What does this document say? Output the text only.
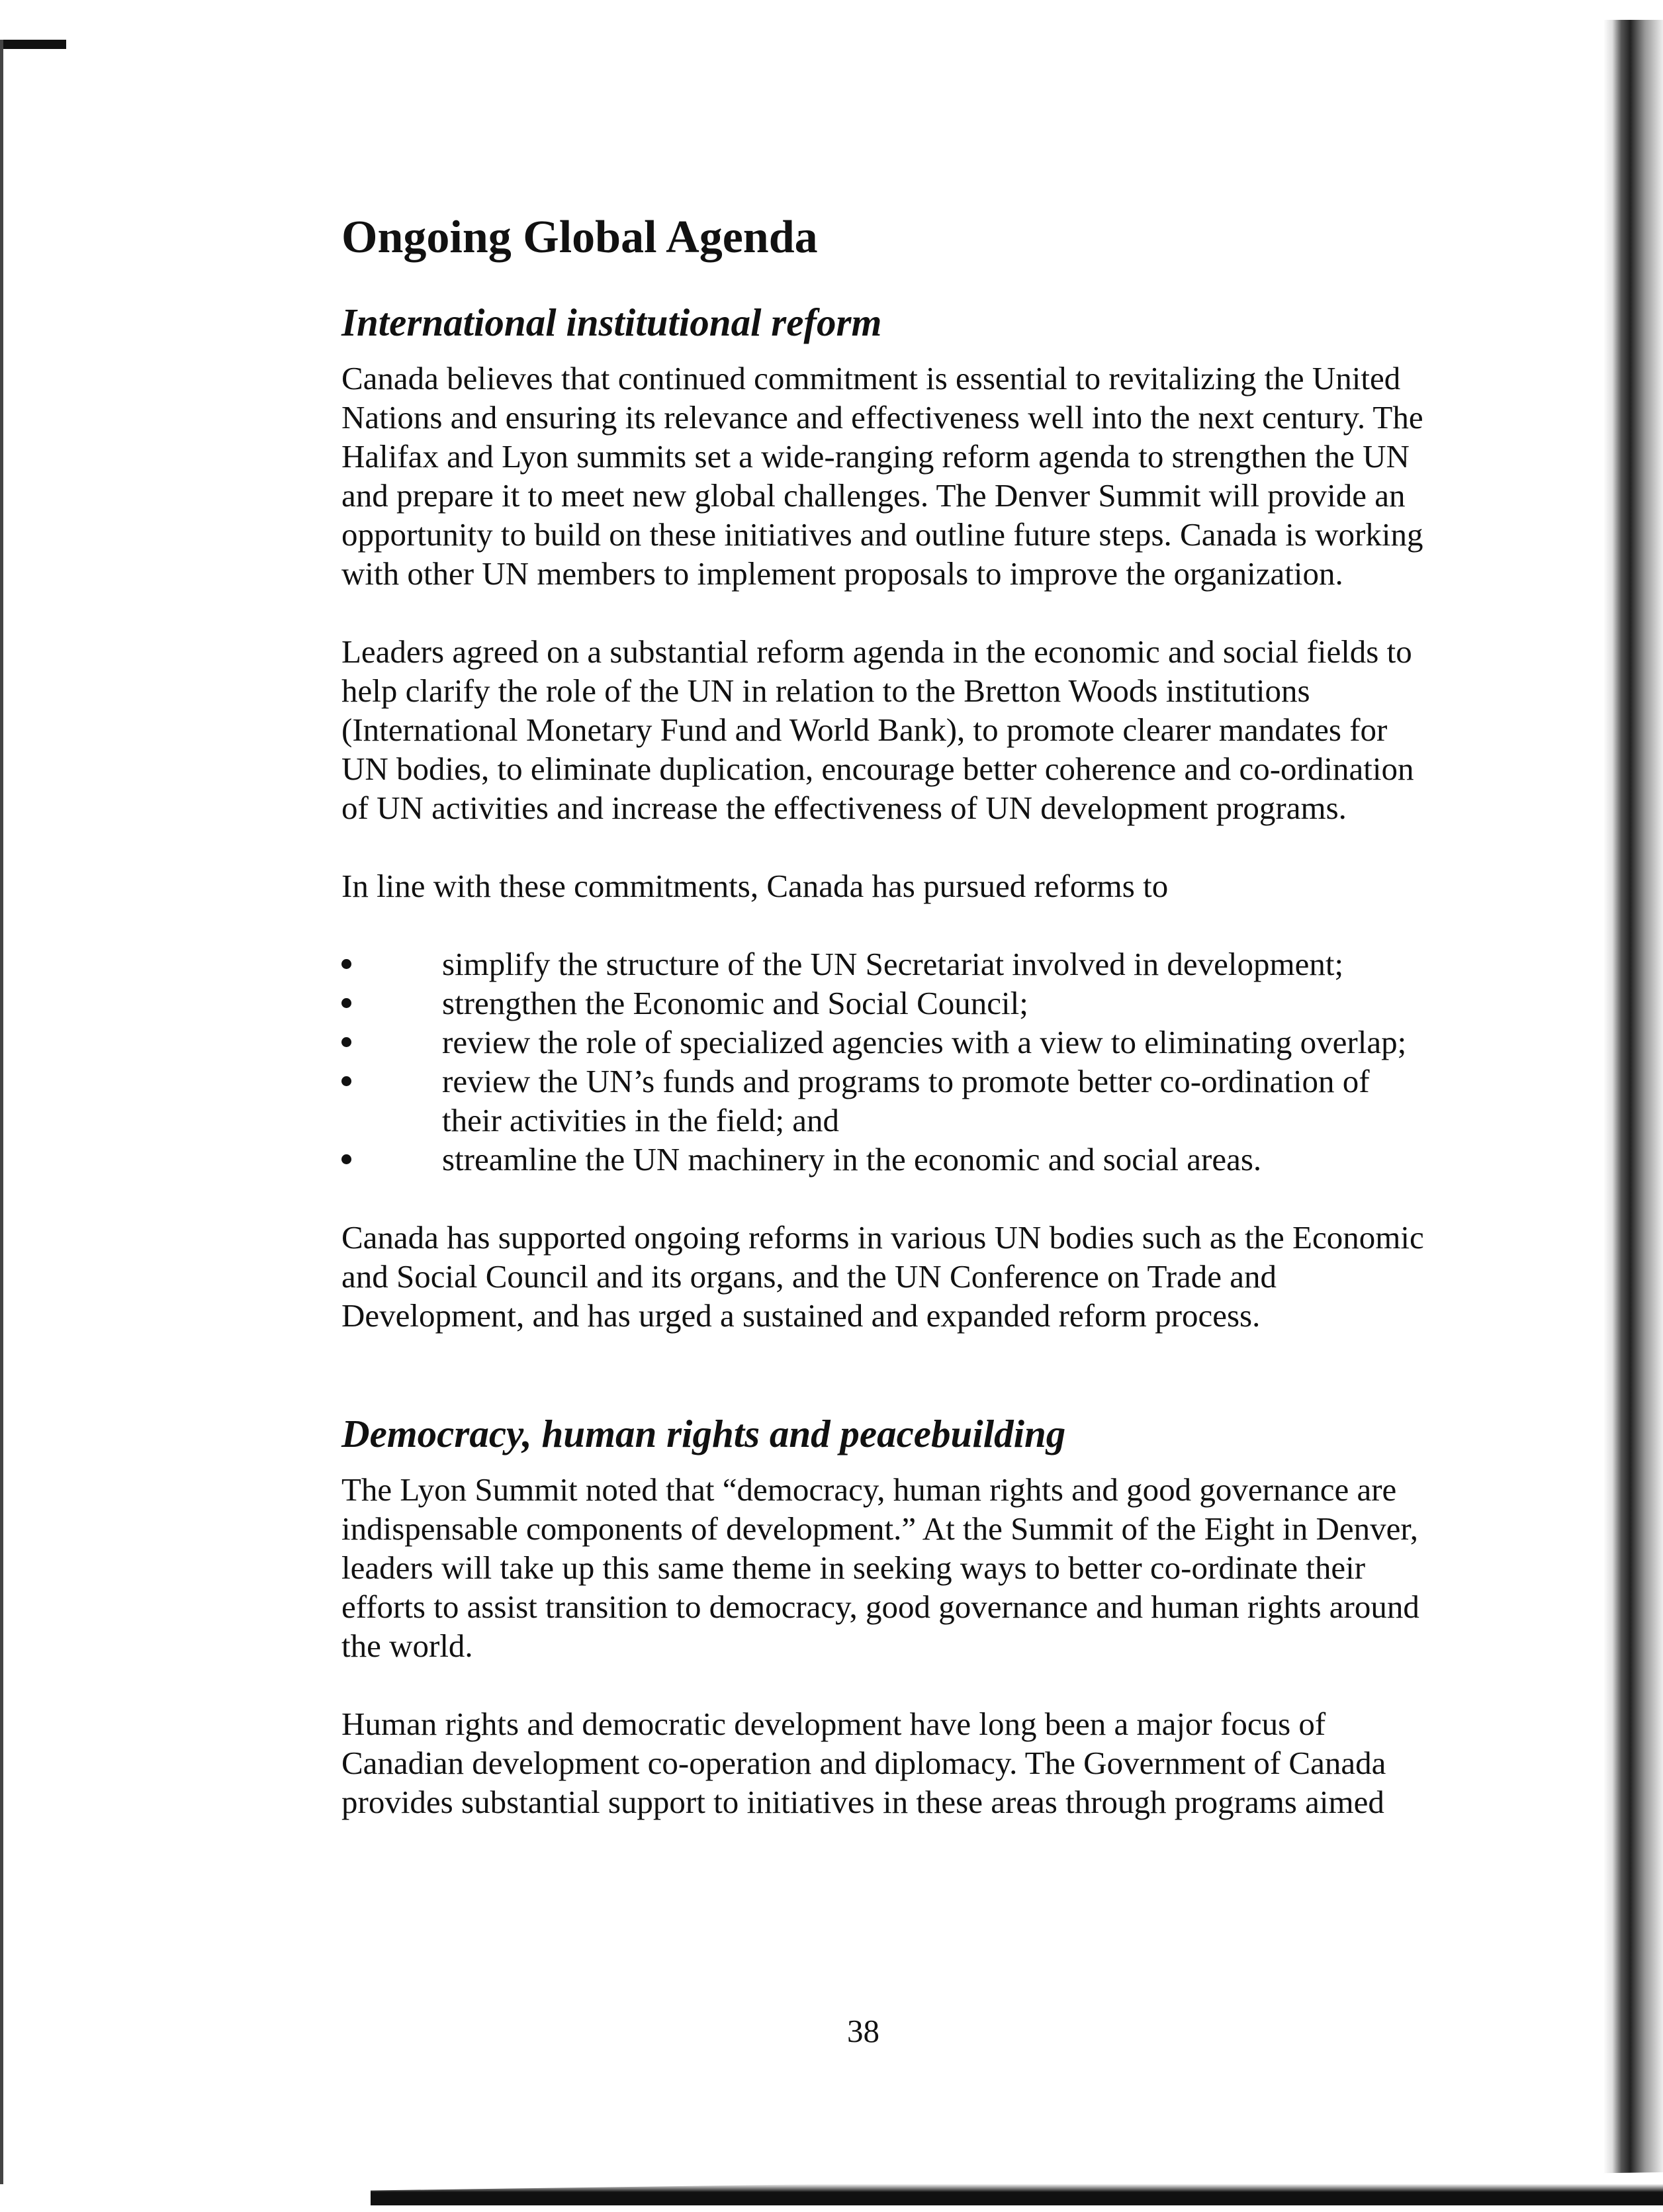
Ongoing Global Agenda
International institutional reform

Canada believes that continued commitment is essential to revitalizing the United Nations and ensuring its relevance and effectiveness well into the next century. The Halifax and Lyon summits set a wide-ranging reform agenda to strengthen the UN and prepare it to meet new global challenges. The Denver Summit will provide an opportunity to build on these initiatives and outline future steps. Canada is working with other UN members to implement proposals to improve the organization.

Leaders agreed on a substantial reform agenda in the economic and social fields to help clarify the role of the UN in relation to the Bretton Woods institutions (International Monetary Fund and World Bank), to promote clearer mandates for UN bodies, to eliminate duplication, encourage better coherence and co-ordination of UN activities and increase the effectiveness of UN development programs.

In line with these commitments, Canada has pursued reforms to

simplify the structure of the UN Secretariat involved in development;
strengthen the Economic and Social Council;
review the role of specialized agencies with a view to eliminating overlap;
review the UN’s funds and programs to promote better co-ordination of their activities in the field; and
streamline the UN machinery in the economic and social areas.

Canada has supported ongoing reforms in various UN bodies such as the Economic and Social Council and its organs, and the UN Conference on Trade and Development, and has urged a sustained and expanded reform process.

Democracy, human rights and peacebuilding

The Lyon Summit noted that “democracy, human rights and good governance are indispensable components of development.” At the Summit of the Eight in Denver, leaders will take up this same theme in seeking ways to better co-ordinate their efforts to assist transition to democracy, good governance and human rights around the world.

Human rights and democratic development have long been a major focus of Canadian development co-operation and diplomacy. The Government of Canada provides substantial support to initiatives in these areas through programs aimed

38
